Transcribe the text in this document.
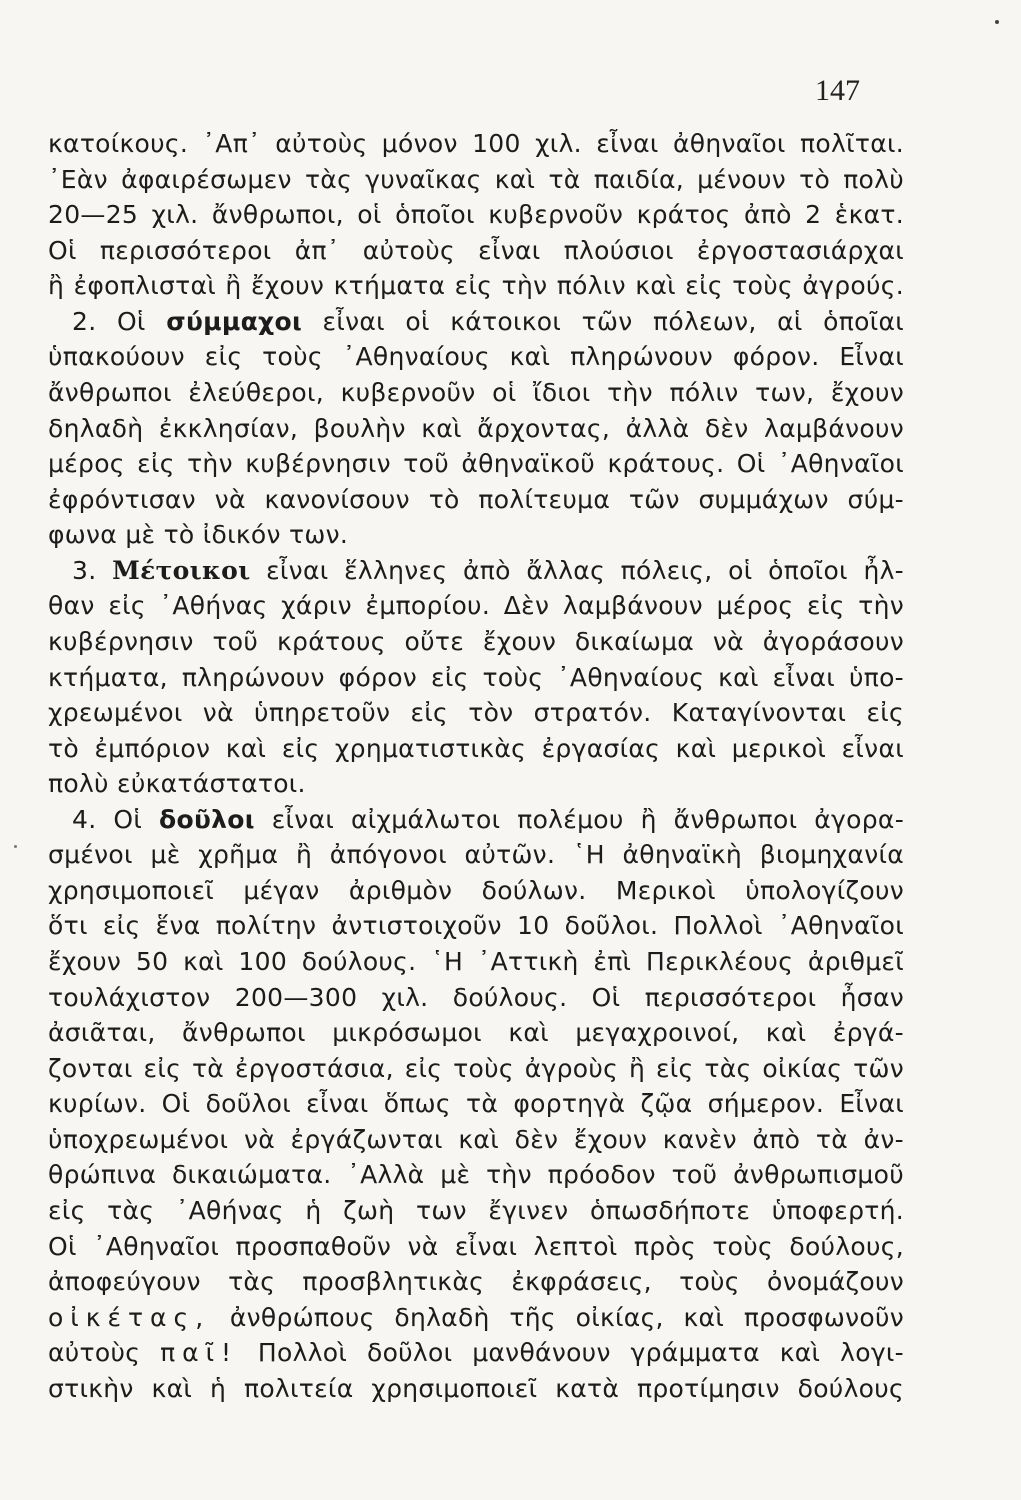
147
κατοίκους. ᾽Απ᾽ αὐτοὺς μόνον 100 χιλ. εἶναι ἀθηναῖοι πολῖται.
᾽Εὰν ἀφαιρέσωμεν τὰς γυναῖκας καὶ τὰ παιδία, μένουν τὸ πολὺ
20—25 χιλ. ἄνθρωποι, οἱ ὁποῖοι κυβερνοῦν κράτος ἀπὸ 2 ἑκατ.
Οἱ περισσότεροι ἀπ᾽ αὐτοὺς εἶναι πλούσιοι ἐργοστασιάρχαι
ἢ ἐφοπλισταὶ ἢ ἔχουν κτήματα εἰς τὴν πόλιν καὶ εἰς τοὺς ἀγρούς.
2. Οἱ σύμμαχοι εἶναι οἱ κάτοικοι τῶν πόλεων, αἱ ὁποῖαι
ὑπακούουν εἰς τοὺς ᾽Αθηναίους καὶ πληρώνουν φόρον. Εἶναι
ἄνθρωποι ἐλεύθεροι, κυβερνοῦν οἱ ἴδιοι τὴν πόλιν των, ἔχουν
δηλαδὴ ἐκκλησίαν, βουλὴν καὶ ἄρχοντας, ἀλλὰ δὲν λαμβάνουν
μέρος εἰς τὴν κυβέρνησιν τοῦ ἀθηναϊκοῦ κράτους. Οἱ ᾽Αθηναῖοι
ἐφρόντισαν νὰ κανονίσουν τὸ πολίτευμα τῶν συμμάχων σύμ-
φωνα μὲ τὸ ἰδικόν των.
3. Μέτοικοι εἶναι ἕλληνες ἀπὸ ἄλλας πόλεις, οἱ ὁποῖοι ἦλ-
θαν εἰς ᾽Αθήνας χάριν ἐμπορίου. Δὲν λαμβάνουν μέρος εἰς τὴν
κυβέρνησιν τοῦ κράτους οὔτε ἔχουν δικαίωμα νὰ ἀγοράσουν
κτήματα, πληρώνουν φόρον εἰς τοὺς ᾽Αθηναίους καὶ εἶναι ὑπο-
χρεωμένοι νὰ ὑπηρετοῦν εἰς τὸν στρατόν. Καταγίνονται εἰς
τὸ ἐμπόριον καὶ εἰς χρηματιστικὰς ἐργασίας καὶ μερικοὶ εἶναι
πολὺ εὐκατάστατοι.
4. Οἱ δοῦλοι εἶναι αἰχμάλωτοι πολέμου ἢ ἄνθρωποι ἀγορα-
σμένοι μὲ χρῆμα ἢ ἀπόγονοι αὐτῶν. ῾Η ἀθηναϊκὴ βιομηχανία
χρησιμοποιεῖ μέγαν ἀριθμὸν δούλων. Μερικοὶ ὑπολογίζουν
ὅτι εἰς ἕνα πολίτην ἀντιστοιχοῦν 10 δοῦλοι. Πολλοὶ ᾽Αθηναῖοι
ἔχουν 50 καὶ 100 δούλους. ῾Η ᾽Αττικὴ ἐπὶ Περικλέους ἀριθμεῖ
τουλάχιστον 200—300 χιλ. δούλους. Οἱ περισσότεροι ἦσαν
ἀσιᾶται, ἄνθρωποι μικρόσωμοι καὶ μεγαχροινοί, καὶ ἐργά-
ζονται εἰς τὰ ἐργοστάσια, εἰς τοὺς ἀγροὺς ἢ εἰς τὰς οἰκίας τῶν
κυρίων. Οἱ δοῦλοι εἶναι ὅπως τὰ φορτηγὰ ζῷα σήμερον. Εἶναι
ὑποχρεωμένοι νὰ ἐργάζωνται καὶ δὲν ἔχουν κανὲν ἀπὸ τὰ ἀν-
θρώπινα δικαιώματα. ᾽Αλλὰ μὲ τὴν πρόοδον τοῦ ἀνθρωπισμοῦ
εἰς τὰς ᾽Αθήνας ἡ ζωὴ των ἔγινεν ὁπωσδήποτε ὑποφερτή.
Οἱ ᾽Αθηναῖοι προσπαθοῦν νὰ εἶναι λεπτοὶ πρὸς τοὺς δούλους,
ἀποφεύγουν τὰς προσβλητικὰς ἐκφράσεις, τοὺς ὀνομάζουν
οἰκέτας, ἀνθρώπους δηλαδὴ τῆς οἰκίας, καὶ προσφωνοῦν
αὐτοὺς παῖ! Πολλοὶ δοῦλοι μανθάνουν γράμματα καὶ λογι-
στικὴν καὶ ἡ πολιτεία χρησιμοποιεῖ κατὰ προτίμησιν δούλους
